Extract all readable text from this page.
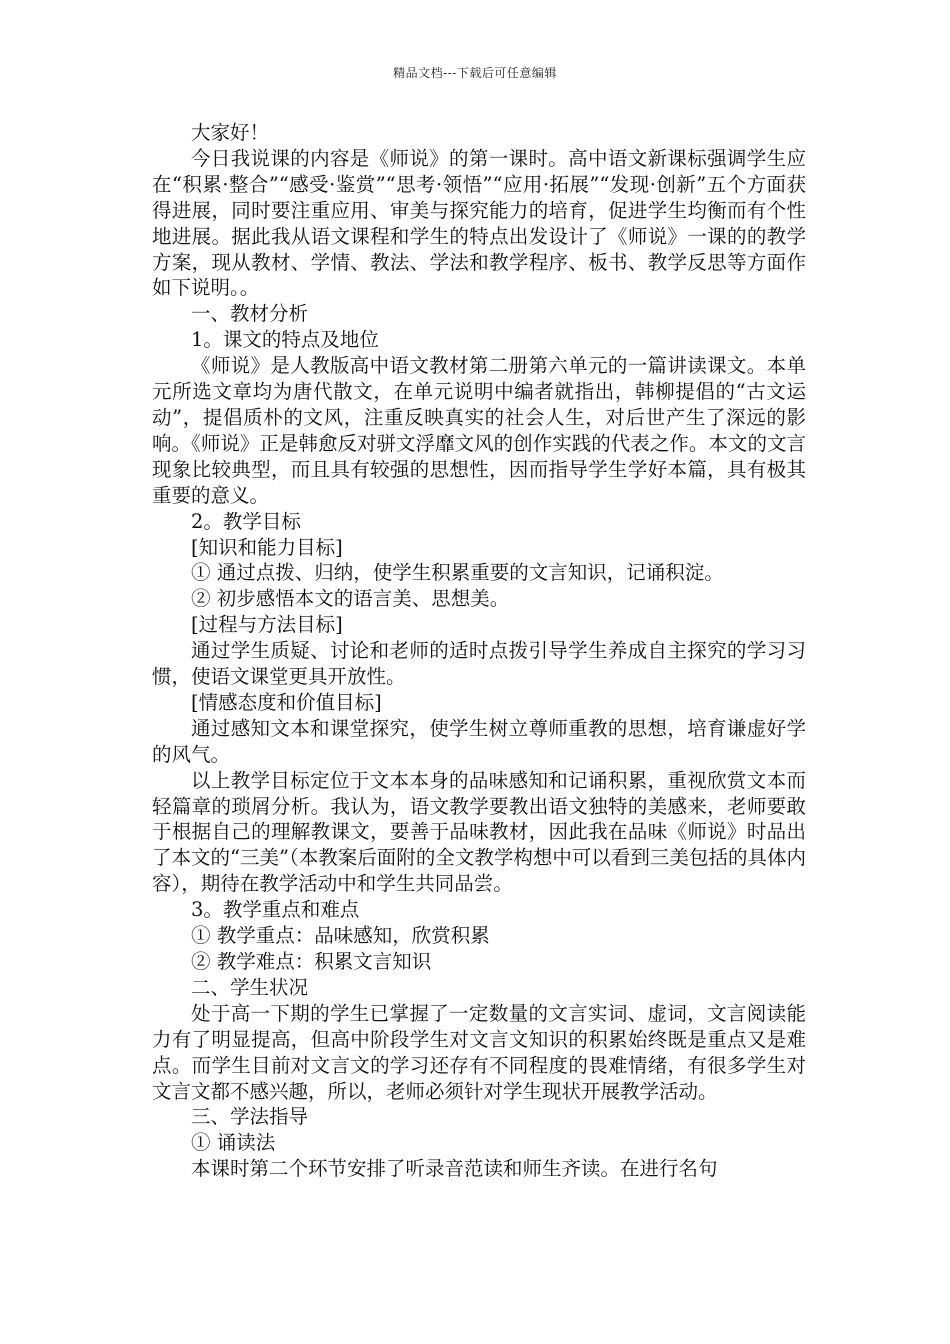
精品文档---下载后可任意编辑

大家好！

今日我说课的内容是《师说》的第一课时。高中语文新课标强调学生应在“积累·整合”“感受·鉴赏”“思考·领悟”“应用·拓展”“发现·创新”五个方面获得进展，同时要注重应用、审美与探究能力的培育，促进学生均衡而有个性地进展。据此我从语文课程和学生的特点出发设计了《师说》一课的的教学方案，现从教材、学情、教法、学法和教学程序、板书、教学反思等方面作如下说明。。

一、教材分析

1。课文的特点及地位

《师说》是人教版高中语文教材第二册第六单元的一篇讲读课文。本单元所选文章均为唐代散文，在单元说明中编者就指出，韩柳提倡的“古文运动”，提倡质朴的文风，注重反映真实的社会人生，对后世产生了深远的影响。《师说》正是韩愈反对骈文浮靡文风的创作实践的代表之作。本文的文言现象比较典型，而且具有较强的思想性，因而指导学生学好本篇，具有极其重要的意义。

2。教学目标

[知识和能力目标]

① 通过点拨、归纳，使学生积累重要的文言知识，记诵积淀。

② 初步感悟本文的语言美、思想美。

[过程与方法目标]

通过学生质疑、讨论和老师的适时点拨引导学生养成自主探究的学习习惯，使语文课堂更具开放性。

[情感态度和价值目标]

通过感知文本和课堂探究，使学生树立尊师重教的思想，培育谦虚好学的风气。

以上教学目标定位于文本本身的品味感知和记诵积累，重视欣赏文本而轻篇章的琐屑分析。我认为，语文教学要教出语文独特的美感来，老师要敢于根据自己的理解教课文，要善于品味教材，因此我在品味《师说》时品出了本文的“三美”（本教案后面附的全文教学构想中可以看到三美包括的具体内容），期待在教学活动中和学生共同品尝。

3。教学重点和难点

① 教学重点：品味感知，欣赏积累

② 教学难点：积累文言知识

二、学生状况

处于高一下期的学生已掌握了一定数量的文言实词、虚词，文言阅读能力有了明显提高，但高中阶段学生对文言文知识的积累始终既是重点又是难点。而学生目前对文言文的学习还存有不同程度的畏难情绪，有很多学生对文言文都不感兴趣，所以，老师必须针对学生现状开展教学活动。

三、学法指导

① 诵读法

本课时第二个环节安排了听录音范读和师生齐读。在进行名句
